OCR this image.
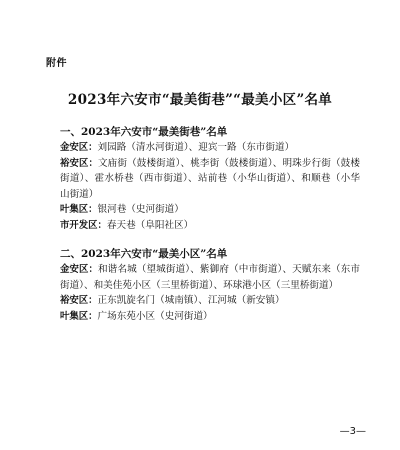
附件
2023年六安市“最美街巷”“最美小区”名单
一、2023年六安市“最美街巷”名单

金安区：刘园路（清水河街道）、迎宾一路（东市街道）

裕安区：文庙街（鼓楼街道）、桃李街（鼓楼街道）、明珠步行街（鼓楼街道）、霍水桥巷（西市街道）、站前巷（小华山街道）、和顺巷（小华山街道）

叶集区：银河巷（史河街道）

市开发区：春天巷（阜阳社区）

二、2023年六安市“最美小区”名单

金安区：和谐名城（望城街道）、紫御府（中市街道）、天赋东来（东市街道）、和美佳苑小区（三里桥街道）、环球港小区（三里桥街道）

裕安区：正东凯旋名门（城南镇）、江河城（新安镇）

叶集区：广场东苑小区（史河街道）

—3—
